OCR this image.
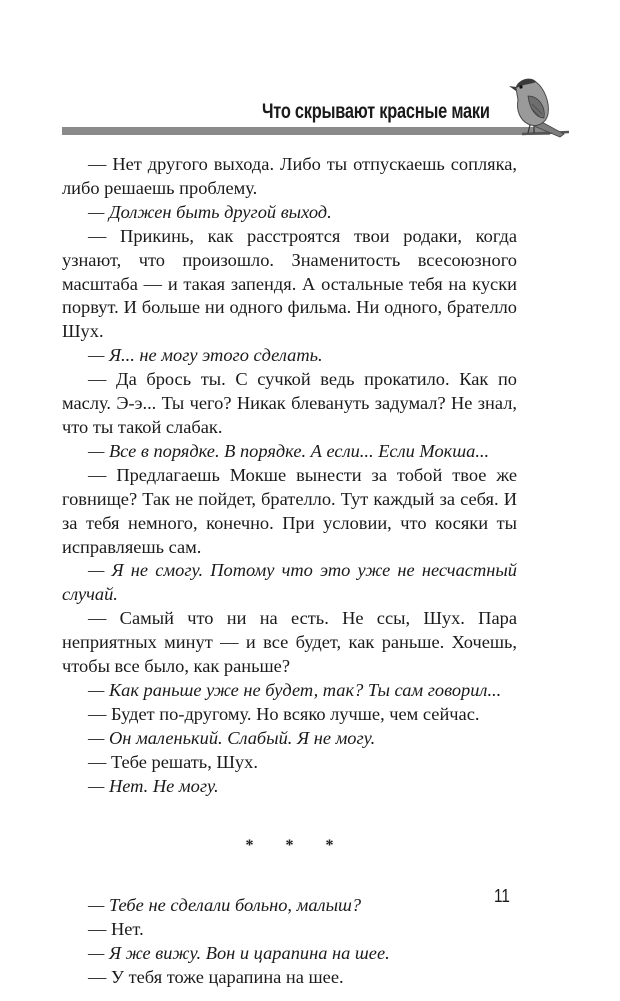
Что скрывают красные маки

— Нет другого выхода. Либо ты отпускаешь сопляка, либо решаешь проблему.

— Должен быть другой выход.

— Прикинь, как расстроятся твои родаки, когда узнают, что произошло. Знаменитость всесоюзного масштаба — и такая запендя. А остальные тебя на куски порвут. И больше ни одного фильма. Ни одного, брателло Шух.

— Я... не могу этого сделать.

— Да брось ты. С сучкой ведь прокатило. Как по маслу. Э-э... Ты чего? Никак блевануть задумал? Не знал, что ты такой слабак.

— Все в порядке. В порядке. А если... Если Мокша...

— Предлагаешь Мокше вынести за тобой твое же говнище? Так не пойдет, брателло. Тут каждый за себя. И за тебя немного, конечно. При условии, что косяки ты исправляешь сам.

— Я не смогу. Потому что это уже не несчастный случай.

— Самый что ни на есть. Не ссы, Шух. Пара неприятных минут — и все будет, как раньше. Хочешь, чтобы все было, как раньше?

— Как раньше уже не будет, так? Ты сам говорил...

— Будет по-другому. Но всяко лучше, чем сейчас.

— Он маленький. Слабый. Я не могу.

— Тебе решать, Шух.

— Нет. Не могу.

* * *

— Тебе не сделали больно, малыш?

— Нет.

— Я же вижу. Вон и царапина на шее.

— У тебя тоже царапина на шее.

11
